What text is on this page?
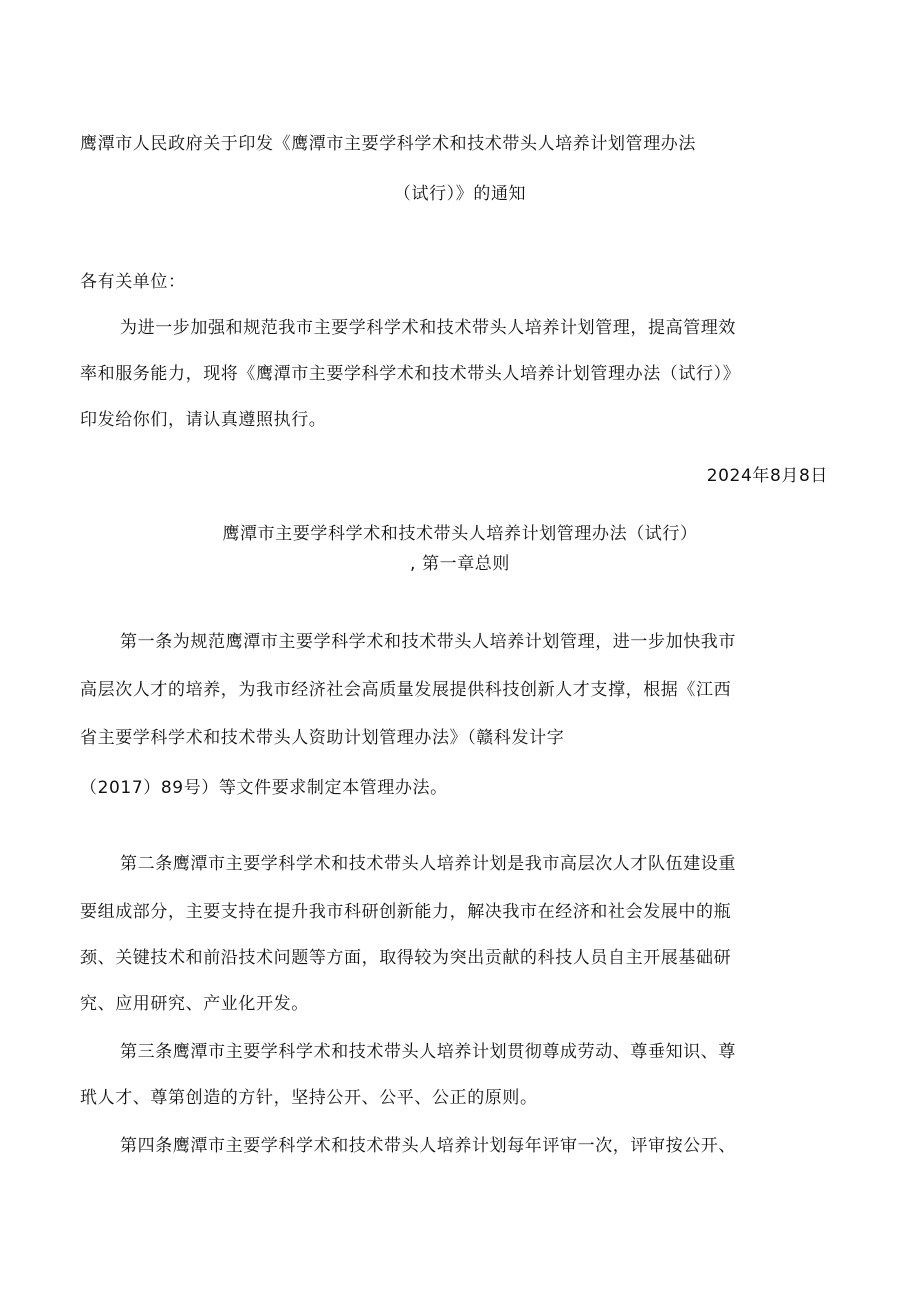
鹰潭市人民政府关于印发《鹰潭市主要学科学术和技术带头人培养计划管理办法
（试行）》的通知
各有关单位：
为进一步加强和规范我市主要学科学术和技术带头人培养计划管理，提高管理效
率和服务能力，现将《鹰潭市主要学科学术和技术带头人培养计划管理办法（试行）》
印发给你们，请认真遵照执行。
2024年8月8日
鹰潭市主要学科学术和技术带头人培养计划管理办法（试行）
, 第一章总则
第一条为规范鹰潭市主要学科学术和技术带头人培养计划管理，进一步加快我市
高层次人才的培养，为我市经济社会高质量发展提供科技创新人才支撑，根据《江西
省主要学科学术和技术带头人资助计划管理办法》（赣科发计字
（2017）89号）等文件要求制定本管理办法。
第二条鹰潭市主要学科学术和技术带头人培养计划是我市高层次人才队伍建设重
要组成部分，主要支持在提升我市科研创新能力，解决我市在经济和社会发展中的瓶
颈、关键技术和前沿技术问题等方面，取得较为突出贡献的科技人员自主开展基础研
究、应用研究、产业化开发。
第三条鹰潭市主要学科学术和技术带头人培养计划贯彻尊成劳动、尊垂知识、尊
玳人才、尊第创造的方针，坚持公开、公平、公正的原则。
第四条鹰潭市主要学科学术和技术带头人培养计划每年评审一次，评审按公开、
